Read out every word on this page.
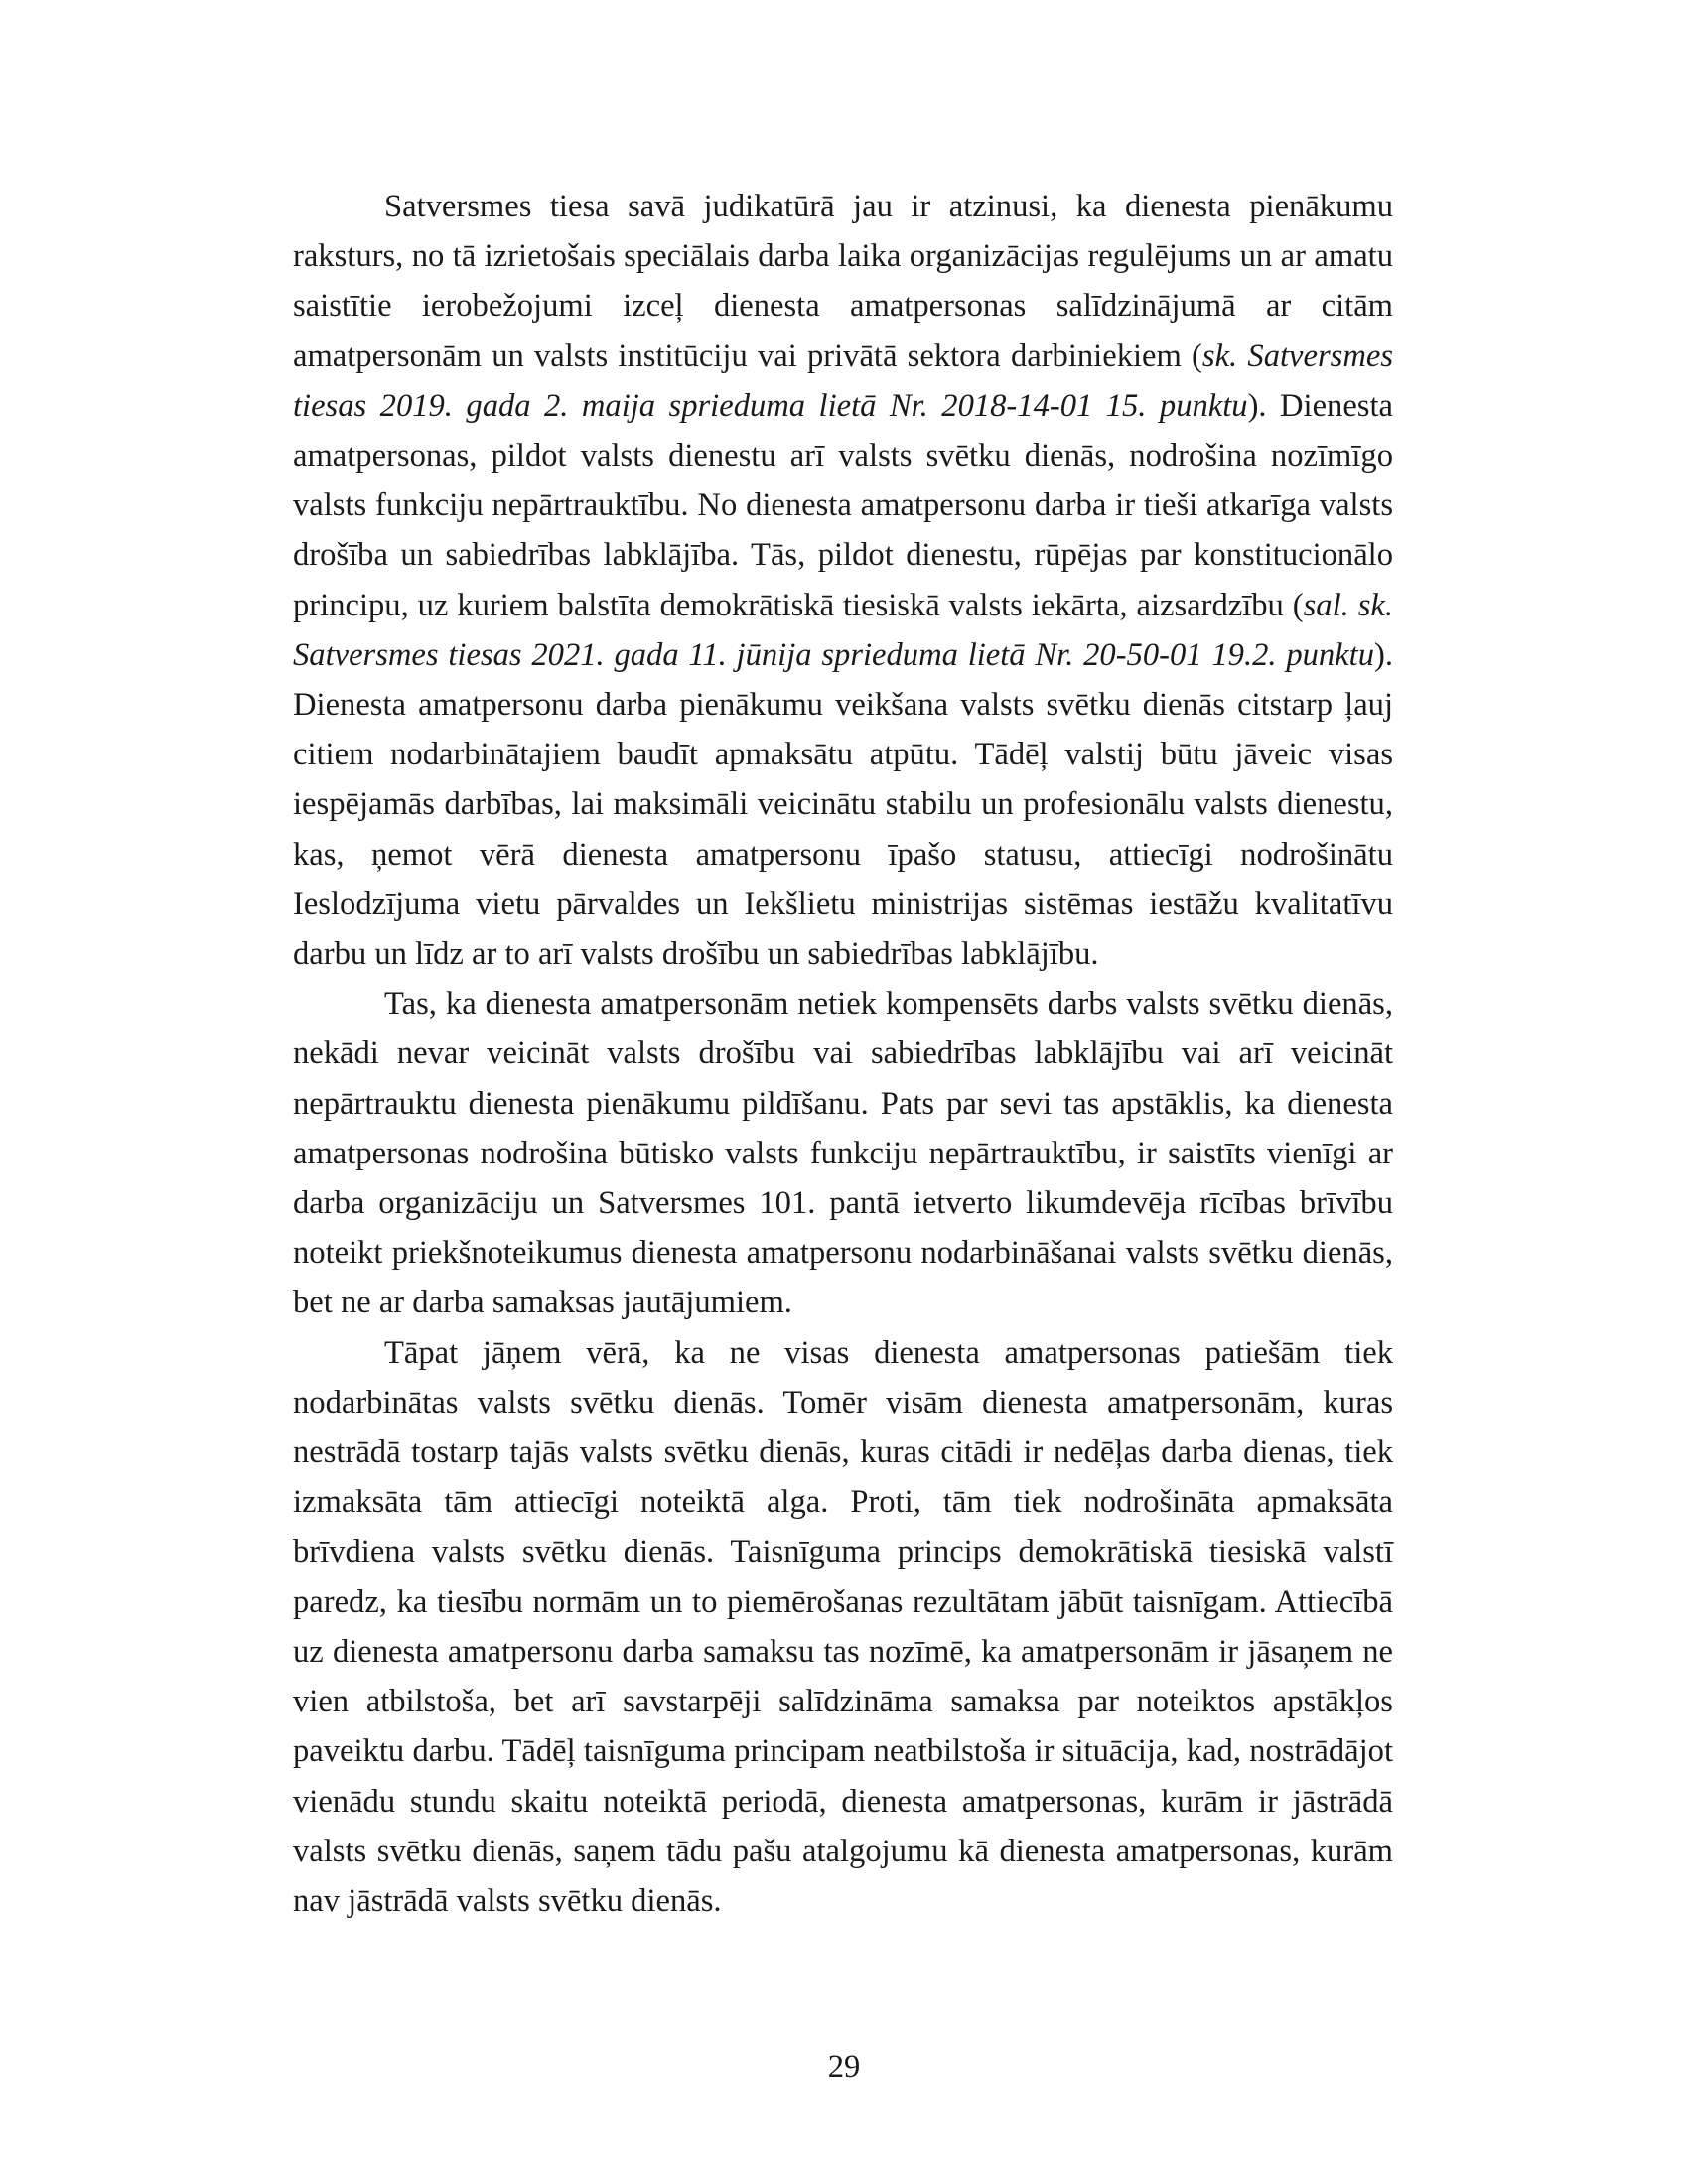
Satversmes tiesa savā judikatūrā jau ir atzinusi, ka dienesta pienākumu raksturs, no tā izrietošais speciālais darba laika organizācijas regulējums un ar amatu saistītie ierobežojumi izceļ dienesta amatpersonas salīdzinājumā ar citām amatpersonām un valsts institūciju vai privātā sektora darbiniekiem (sk. Satversmes tiesas 2019. gada 2. maija sprieduma lietā Nr. 2018-14-01 15. punktu). Dienesta amatpersonas, pildot valsts dienestu arī valsts svētku dienās, nodrošina nozīmīgo valsts funkciju nepārtrauktību. No dienesta amatpersonu darba ir tieši atkarīga valsts drošība un sabiedrības labklājība. Tās, pildot dienestu, rūpējas par konstitucionālo principu, uz kuriem balstīta demokrātiskā tiesiskā valsts iekārta, aizsardzību (sal. sk. Satversmes tiesas 2021. gada 11. jūnija sprieduma lietā Nr. 20-50-01 19.2. punktu). Dienesta amatpersonu darba pienākumu veikšana valsts svētku dienās citstarp ļauj citiem nodarbinātajiem baudīt apmaksātu atpūtu. Tādēļ valstij būtu jāveic visas iespējamās darbības, lai maksimāli veicinātu stabilu un profesionālu valsts dienestu, kas, ņemot vērā dienesta amatpersonu īpašo statusu, attiecīgi nodrošinātu Ieslodzījuma vietu pārvaldes un Iekšlietu ministrijas sistēmas iestāžu kvalitatīvu darbu un līdz ar to arī valsts drošību un sabiedrības labklājību.

Tas, ka dienesta amatpersonām netiek kompensēts darbs valsts svētku dienās, nekādi nevar veicināt valsts drošību vai sabiedrības labklājību vai arī veicināt nepārtrauktu dienesta pienākumu pildīšanu. Pats par sevi tas apstāklis, ka dienesta amatpersonas nodrošina būtisko valsts funkciju nepārtrauktību, ir saistīts vienīgi ar darba organizāciju un Satversmes 101. pantā ietverto likumdevēja rīcības brīvību noteikt priekšnoteikumus dienesta amatpersonu nodarbināšanai valsts svētku dienās, bet ne ar darba samaksas jautājumiem.

Tāpat jāņem vērā, ka ne visas dienesta amatpersonas patiešām tiek nodarbinātas valsts svētku dienās. Tomēr visām dienesta amatpersonām, kuras nestrādā tostarp tajās valsts svētku dienās, kuras citādi ir nedēļas darba dienas, tiek izmaksāta tām attiecīgi noteiktā alga. Proti, tām tiek nodrošināta apmaksāta brīvdiena valsts svētku dienās. Taisnīguma princips demokrātiskā tiesiskā valstī paredz, ka tiesību normām un to piemērošanas rezultātam jābūt taisnīgam. Attiecībā uz dienesta amatpersonu darba samaksu tas nozīmē, ka amatpersonām ir jāsaņem ne vien atbilstoša, bet arī savstarpēji salīdzināma samaksa par noteiktos apstākļos paveiktu darbu. Tādēļ taisnīguma principam neatbilstoša ir situācija, kad, nostrādājot vienādu stundu skaitu noteiktā periodā, dienesta amatpersonas, kurām ir jāstrādā valsts svētku dienās, saņem tādu pašu atalgojumu kā dienesta amatpersonas, kurām nav jāstrādā valsts svētku dienās.

29
